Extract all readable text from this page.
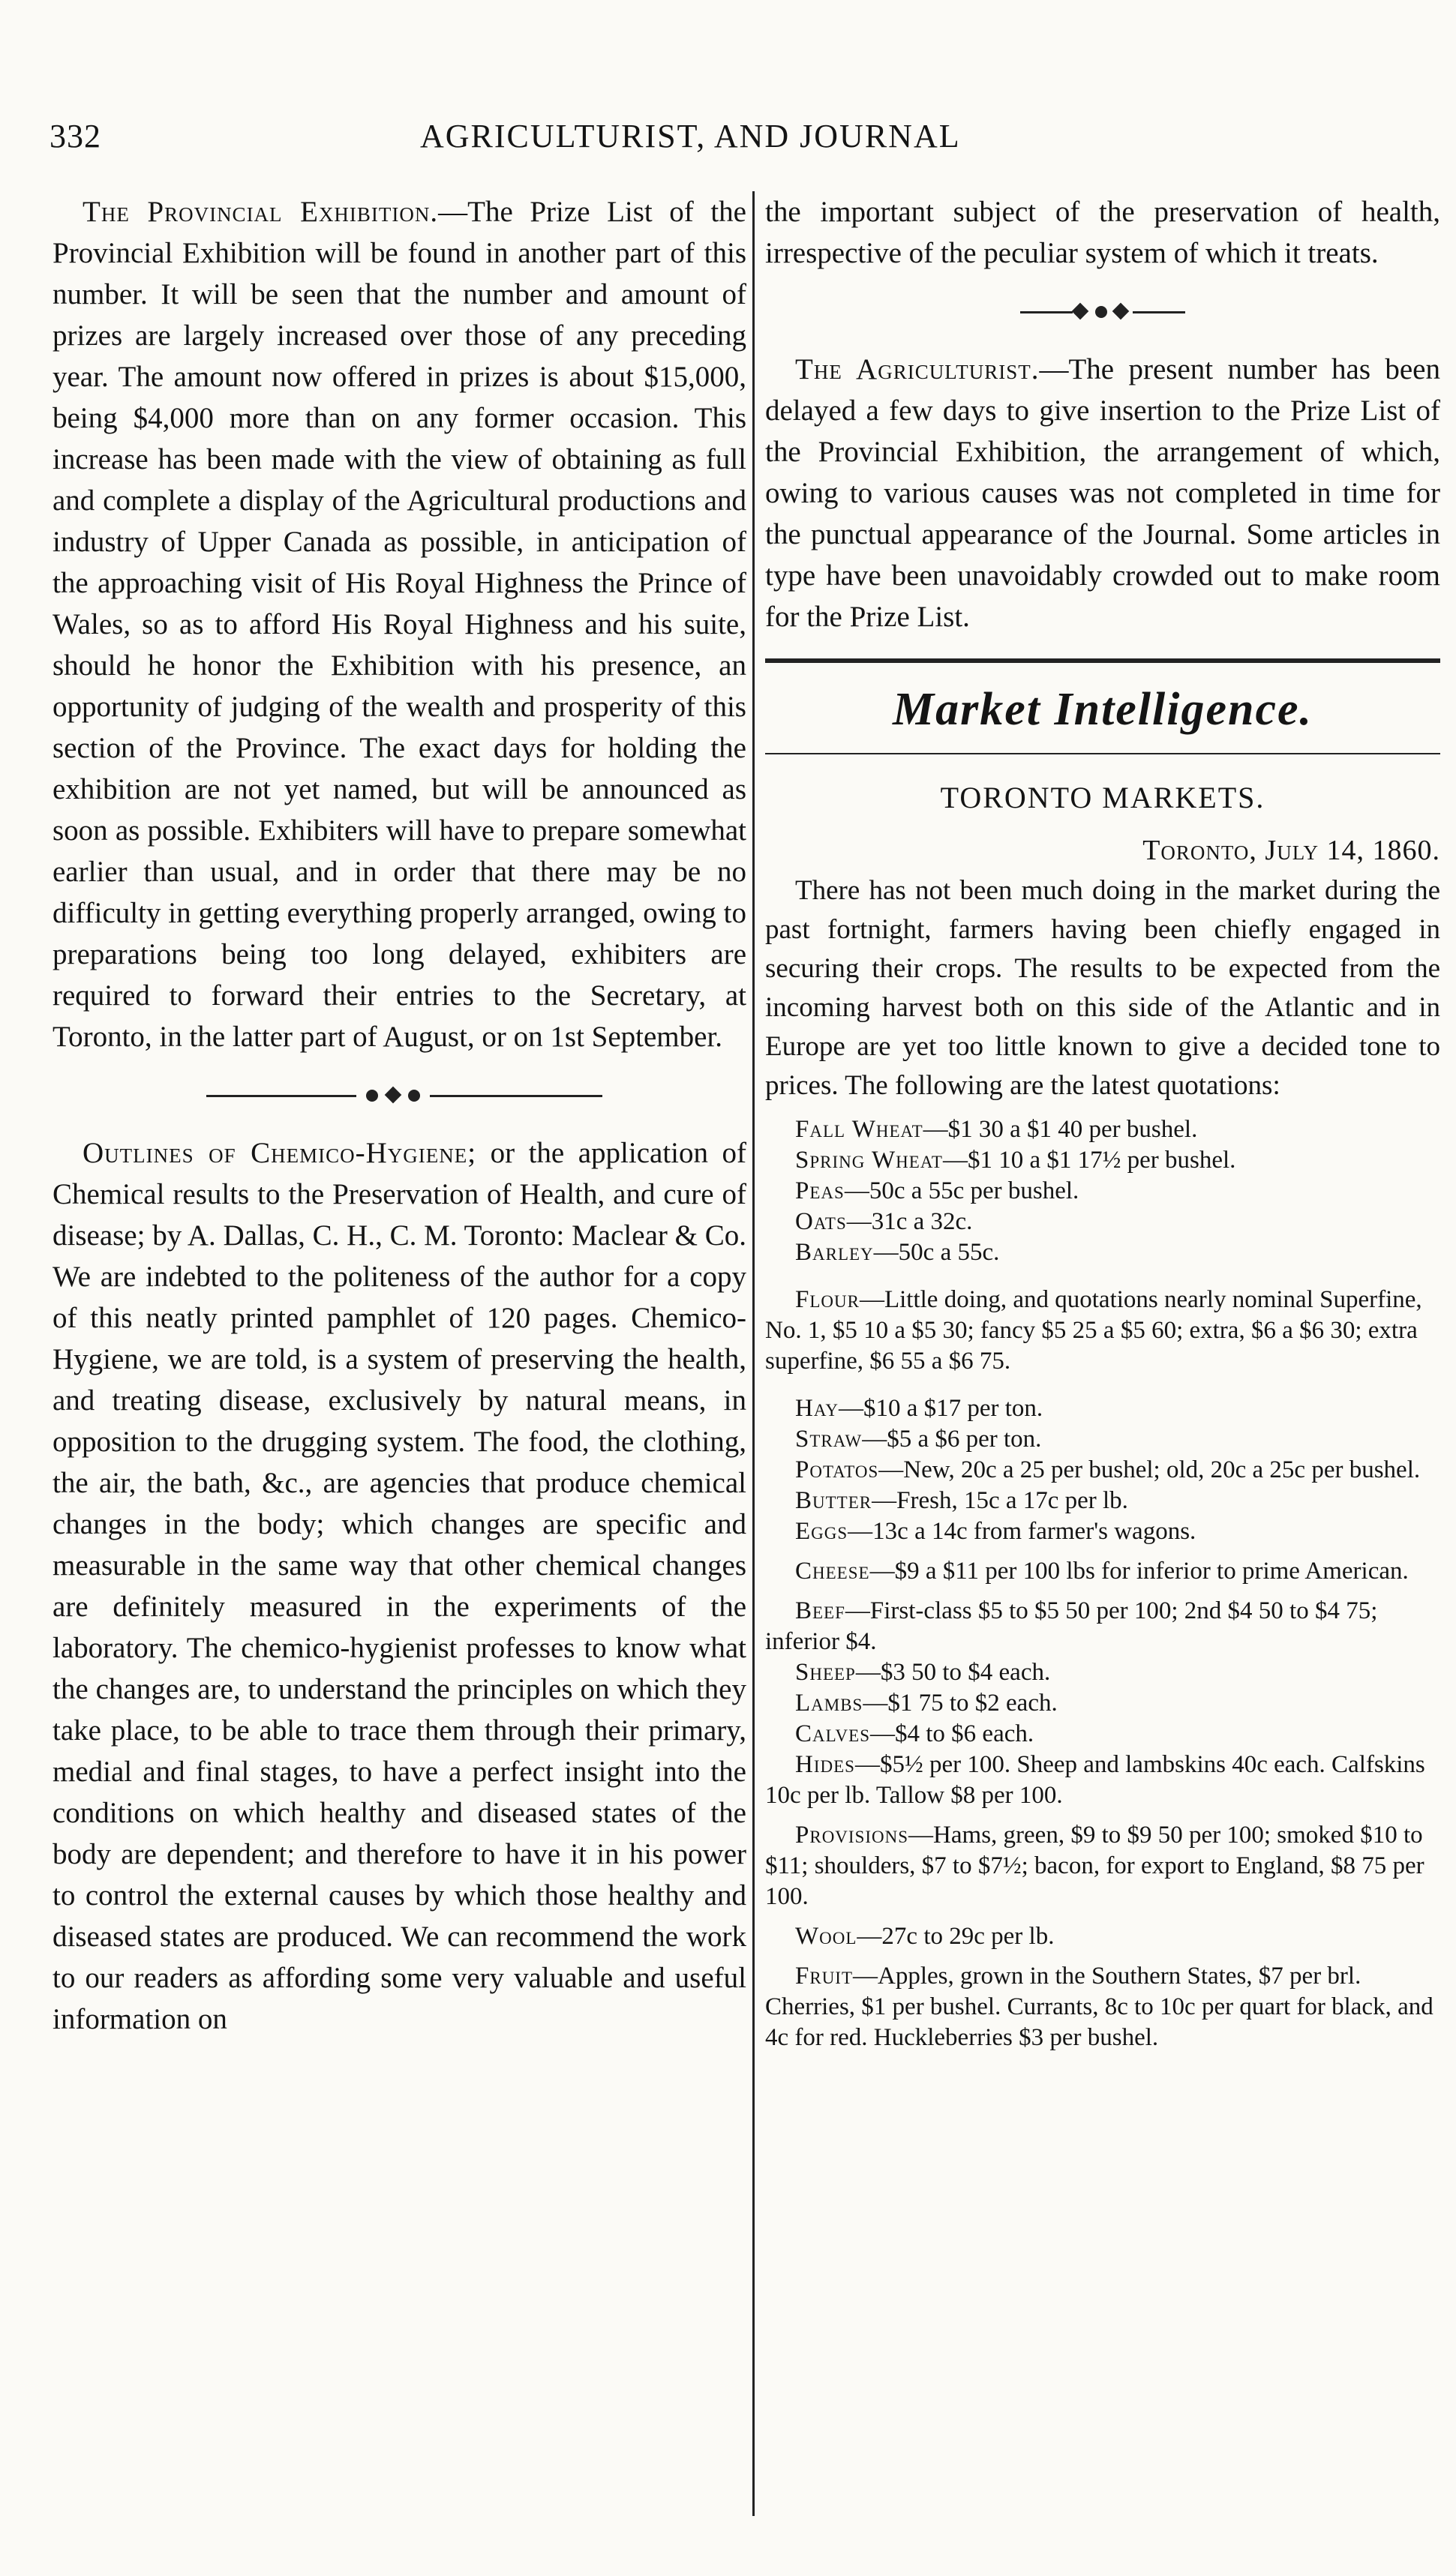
332	AGRICULTURIST, AND JOURNAL

The Provincial Exhibition.—The Prize List of the Provincial Exhibition will be found in another part of this number. It will be seen that the number and amount of prizes are largely increased over those of any preceding year. The amount now offered in prizes is about $15,000, being $4,000 more than on any former occasion. This increase has been made with the view of obtaining as full and complete a display of the Agricultural productions and industry of Upper Canada as possible, in anticipation of the approaching visit of His Royal Highness the Prince of Wales, so as to afford His Royal Highness and his suite, should he honor the Exhibition with his presence, an opportunity of judging of the wealth and prosperity of this section of the Province. The exact days for holding the exhibition are not yet named, but will be announced as soon as possible. Exhibiters will have to prepare somewhat earlier than usual, and in order that there may be no difficulty in getting everything properly arranged, owing to preparations being too long delayed, exhibiters are required to forward their entries to the Secretary, at Toronto, in the latter part of August, or on 1st September.

Outlines of Chemico-Hygiene; or the application of Chemical results to the Preservation of Health, and cure of disease; by A. Dallas, C. H., C. M. Toronto: Maclear & Co. We are indebted to the politeness of the author for a copy of this neatly printed pamphlet of 120 pages. Chemico-Hygiene, we are told, is a system of preserving the health, and treating disease, exclusively by natural means, in opposition to the drugging system. The food, the clothing, the air, the bath, &c., are agencies that produce chemical changes in the body; which changes are specific and measurable in the same way that other chemical changes are definitely measured in the experiments of the laboratory. The chemico-hygienist professes to know what the changes are, to understand the principles on which they take place, to be able to trace them through their primary, medial and final stages, to have a perfect insight into the conditions on which healthy and diseased states of the body are dependent; and therefore to have it in his power to control the external causes by which those healthy and diseased states are produced. We can recommend the work to our readers as affording some very valuable and useful information on

the important subject of the preservation of health, irrespective of the peculiar system of which it treats.

The Agriculturist.—The present number has been delayed a few days to give insertion to the Prize List of the Provincial Exhibition, the arrangement of which, owing to various causes was not completed in time for the punctual appearance of the Journal. Some articles in type have been unavoidably crowded out to make room for the Prize List.

Market Intelligence.
TORONTO MARKETS.
Toronto, July 14, 1860.

There has not been much doing in the market during the past fortnight, farmers having been chiefly engaged in securing their crops. The results to be expected from the incoming harvest both on this side of the Atlantic and in Europe are yet too little known to give a decided tone to prices. The following are the latest quotations:

Fall Wheat—$1 30 a $1 40 per bushel.

Spring Wheat—$1 10 a $1 17½ per bushel.

Peas—50c a 55c per bushel.

Oats—31c a 32c.

Barley—50c a 55c.

Flour—Little doing, and quotations nearly nominal Superfine, No. 1, $5 10 a $5 30; fancy $5 25 a $5 60; extra, $6 a $6 30; extra superfine, $6 55 a $6 75.

Hay—$10 a $17 per ton.

Straw—$5 a $6 per ton.

Potatos—New, 20c a 25 per bushel; old, 20c a 25c per bushel.

Butter—Fresh, 15c a 17c per lb.

Eggs—13c a 14c from farmer's wagons.

Cheese—$9 a $11 per 100 lbs for inferior to prime American.

Beef—First-class $5 to $5 50 per 100; 2nd $4 50 to $4 75; inferior $4.

Sheep—$3 50 to $4 each.

Lambs—$1 75 to $2 each.

Calves—$4 to $6 each.

Hides—$5½ per 100. Sheep and lambskins 40c each. Calfskins 10c per lb. Tallow $8 per 100.

Provisions—Hams, green, $9 to $9 50 per 100; smoked $10 to $11; shoulders, $7 to $7½; bacon, for export to England, $8 75 per 100.

Wool—27c to 29c per lb.

Fruit—Apples, grown in the Southern States, $7 per brl. Cherries, $1 per bushel. Currants, 8c to 10c per quart for black, and 4c for red. Huckleberries $3 per bushel.
